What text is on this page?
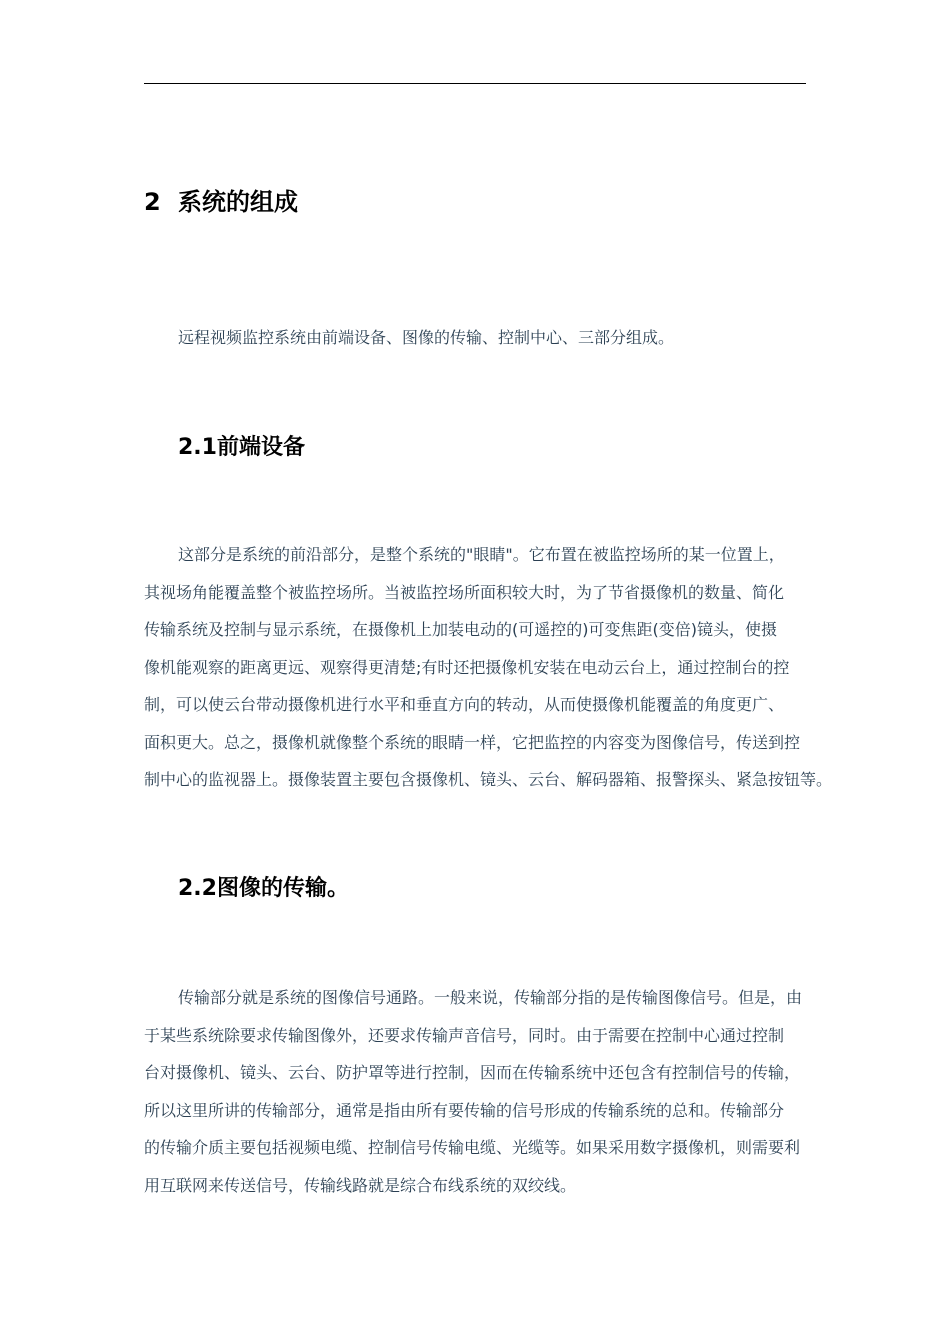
2 系统的组成
远程视频监控系统由前端设备、图像的传输、控制中心、三部分组成。
2.1前端设备
这部分是系统的前沿部分，是整个系统的"眼睛"。它布置在被监控场所的某一位置上，
其视场角能覆盖整个被监控场所。当被监控场所面积较大时，为了节省摄像机的数量、简化
传输系统及控制与显示系统，在摄像机上加装电动的(可遥控的)可变焦距(变倍)镜头，使摄
像机能观察的距离更远、观察得更清楚;有时还把摄像机安装在电动云台上，通过控制台的控
制，可以使云台带动摄像机进行水平和垂直方向的转动，从而使摄像机能覆盖的角度更广、
面积更大。总之，摄像机就像整个系统的眼睛一样，它把监控的内容变为图像信号，传送到控
制中心的监视器上。摄像装置主要包含摄像机、镜头、云台、解码器箱、报警探头、紧急按钮等。
2.2图像的传输。
传输部分就是系统的图像信号通路。一般来说，传输部分指的是传输图像信号。但是，由
于某些系统除要求传输图像外，还要求传输声音信号，同时。由于需要在控制中心通过控制
台对摄像机、镜头、云台、防护罩等进行控制，因而在传输系统中还包含有控制信号的传输，
所以这里所讲的传输部分，通常是指由所有要传输的信号形成的传输系统的总和。传输部分
的传输介质主要包括视频电缆、控制信号传输电缆、光缆等。如果采用数字摄像机，则需要利
用互联网来传送信号，传输线路就是综合布线系统的双绞线。
